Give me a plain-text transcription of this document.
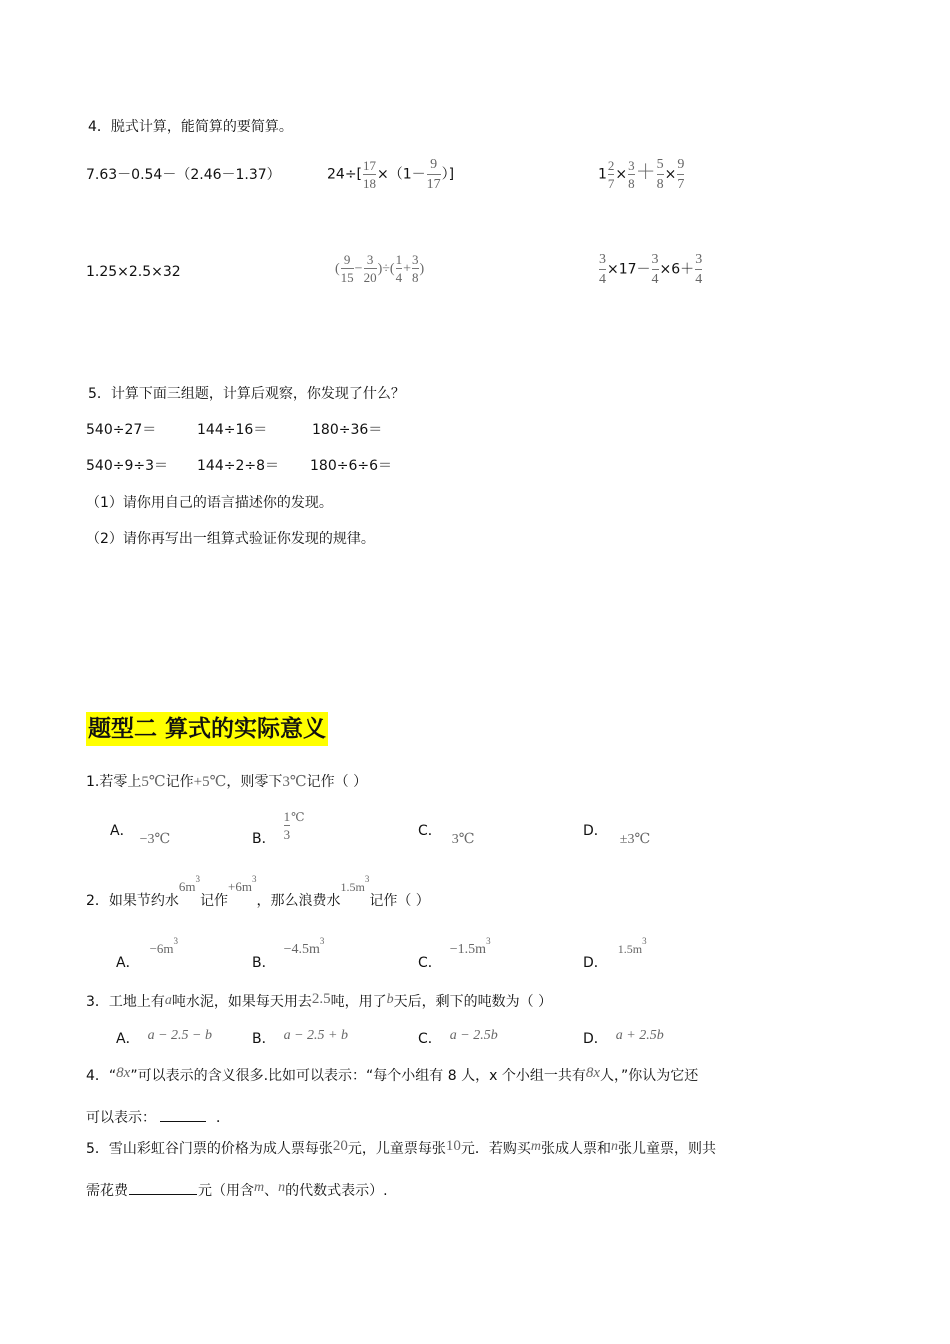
4．脱式计算，能简算的要简算。
7.63－0.54－（2.46－1.37）	$24\div[ \frac{17}{18} \times(1- \frac{9}{17}$ ）]	$1 \frac{2}{7} \times \frac{3}{8} + \frac{5}{8} \times \frac{9}{7}$
1.25×2.5×32	( $\frac{9}{15} - \frac{3}{20}$ )÷( $\frac{1}{4} + \frac{3}{8}$ )	$\frac{3}{4} \times 17- \frac{3}{4} \times 6+ \frac{3}{4}$
5．计算下面三组题，计算后观察，你发现了什么？
540÷27＝	144÷16＝	180÷36＝
540÷9÷3＝ 144÷2÷8＝ 180÷6÷6＝
（1）请你用自己的语言描述你的发现。
（2）请你再写出一组算式验证你发现的规律。
题型二 算式的实际意义
1.若零上5℃记作+5℃，则零下3℃记作（ ）
A．−3℃	B． $\frac{1}{3}$ ℃
C．3℃
D．±3℃
2．如果节约水$6m^3$记作$+6m^3$，那么浪费水$1.5m^3$记作（ ）
A．$-6m^3$
B．$-4.5m^3$
C．$-1.5m^3$
D．$1.5m^3$
3．工地上有a吨水泥，如果每天用去2.5吨，用了b天后，剩下的吨数为（ ）
A． a − 2.5 − b	B． a − 2.5 + b	C． a − 2.5b	D． a + 2.5b
4．“8x”可以表示的含义很多.比如可以表示：“每个小组有 8 人，x 个小组一共有8x人，”你认为它还
可以表示：	．
5．雪山彩虹谷门票的价格为成人票每张20元，儿童票每张10元．若购买m张成人票和n张儿童票，则共
需花费	元（用含m、n的代数式表示）.
